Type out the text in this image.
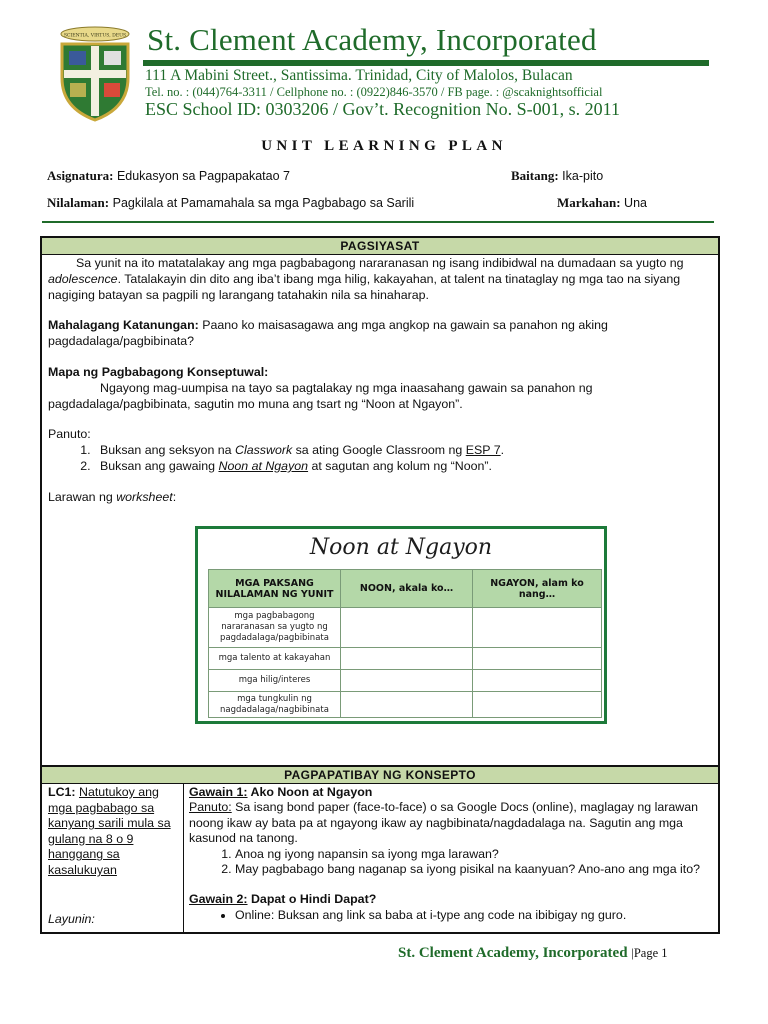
SCIENTIA, VIRTUS, DEUS St. Clement Academy, Incorporated
111 A Mabini Street., Santissima. Trinidad, City of Malolos, Bulacan
Tel. no. : (044)764-3311 / Cellphone no. : (0922)846-3570 / FB page. : @scaknightsofficial
ESC School ID: 0303206 / Gov’t. Recognition No. S-001, s. 2011
UNIT LEARNING PLAN
Asignatura: Edukasyon sa Pagpapakatao 7	Baitang: Ika-pito
Nilalaman: Pagkilala at Pamamahala sa mga Pagbabago sa Sarili	Markahan: Una
PAGSIYASAT

Sa yunit na ito matatalakay ang mga pagbabagong nararanasan ng isang indibidwal na dumadaan sa yugto ng adolescence. Tatalakayin din dito ang iba’t ibang mga hilig, kakayahan, at talent na tinataglay ng mga tao na siyang nagiging batayan sa pagpili ng larangang tatahakin nila sa hinaharap.

Mahalagang Katanungan: Paano ko maisasagawa ang mga angkop na gawain sa panahon ng aking pagdadalaga/pagbibinata?

Mapa ng Pagbabagong Konseptuwal:

Ngayong mag-uumpisa na tayo sa pagtalakay ng mga inaasahang gawain sa panahon ng pagdadalaga/pagbibinata, sagutin mo muna ang tsart ng “Noon at Ngayon”.

Panuto:

1. Buksan ang seksyon na Classwork sa ating Google Classroom ng ESP 7.
2. Buksan ang gawaing Noon at Ngayon at sagutan ang kolum ng “Noon”.

Larawan ng worksheet:

Noon at Ngayon
MGA PAKSANG NILALAMAN NG YUNIT	NOON, akala ko…	NGAYON, alam ko nang…
mga pagbabagong nararanasan sa yugto ng pagdadalaga/pagbibinata		
mga talento at kakayahan		
mga hilig/interes		
mga tungkulin ng nagdadalaga/nagbibinata		
PAGPAPATIBAY NG KONSEPTO
LC1: Natutukoy ang mga pagbabago sa kanyang sarili mula sa gulang na 8 o 9 hanggang sa kasalukuyan
Layunin:

Gawain 1: Ako Noon at Ngayon

Panuto: Sa isang bond paper (face-to-face) o sa Google Docs (online), maglagay ng larawan noong ikaw ay bata pa at ngayong ikaw ay nagbibinata/nagdadalaga na. Sagutin ang mga kasunod na tanong.

1. Anoa ng iyong napansin sa iyong mga larawan?
2. May pagbabago bang naganap sa iyong pisikal na kaanyuan? Ano-ano ang mga ito?

Gawain 2: Dapat o Hindi Dapat?

• Online: Buksan ang link sa baba at i-type ang code na ibibigay ng guro.
St. Clement Academy, Incorporated |Page 1
